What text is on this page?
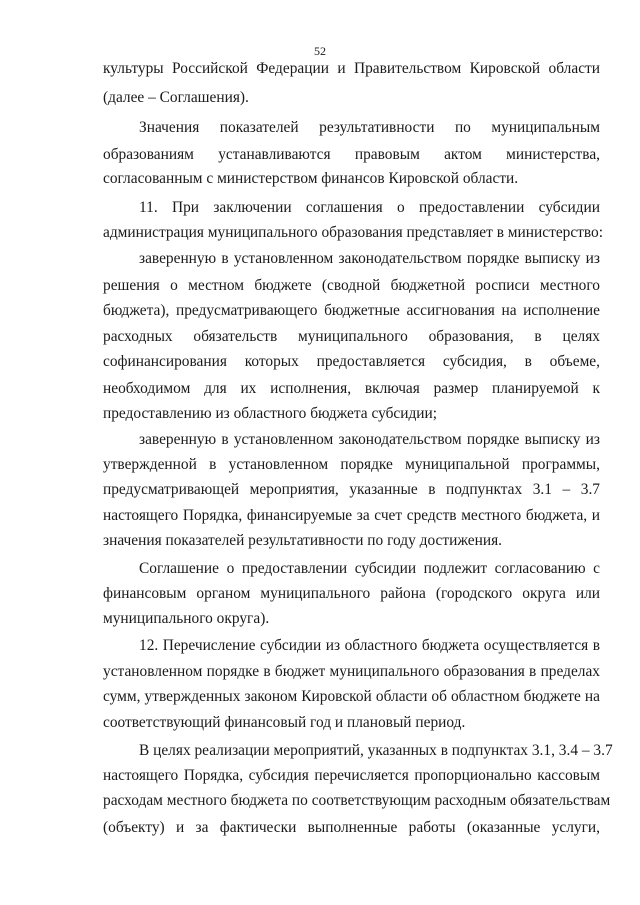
52
культуры Российской Федерации и Правительством Кировской области
(далее – Соглашения).
Значения показателей результативности по муниципальным
образованиям устанавливаются правовым актом министерства,
согласованным с министерством финансов Кировской области.
11. При заключении соглашения о предоставлении субсидии
администрация муниципального образования представляет в министерство:
заверенную в установленном законодательством порядке выписку из
решения о местном бюджете (сводной бюджетной росписи местного
бюджета), предусматривающего бюджетные ассигнования на исполнение
расходных обязательств муниципального образования, в целях
софинансирования которых предоставляется субсидия, в объеме,
необходимом для их исполнения, включая размер планируемой к
предоставлению из областного бюджета субсидии;
заверенную в установленном законодательством порядке выписку из
утвержденной в установленном порядке муниципальной программы,
предусматривающей мероприятия, указанные в подпунктах 3.1 – 3.7
настоящего Порядка, финансируемые за счет средств местного бюджета, и
значения показателей результативности по году достижения.
Соглашение о предоставлении субсидии подлежит согласованию с
финансовым органом муниципального района (городского округа или
муниципального округа).
12. Перечисление субсидии из областного бюджета осуществляется в
установленном порядке в бюджет муниципального образования в пределах
сумм, утвержденных законом Кировской области об областном бюджете на
соответствующий финансовый год и плановый период.
В целях реализации мероприятий, указанных в подпунктах 3.1, 3.4 – 3.7
настоящего Порядка, субсидия перечисляется пропорционально кассовым
расходам местного бюджета по соответствующим расходным обязательствам
(объекту) и за фактически выполненные работы (оказанные услуги,
